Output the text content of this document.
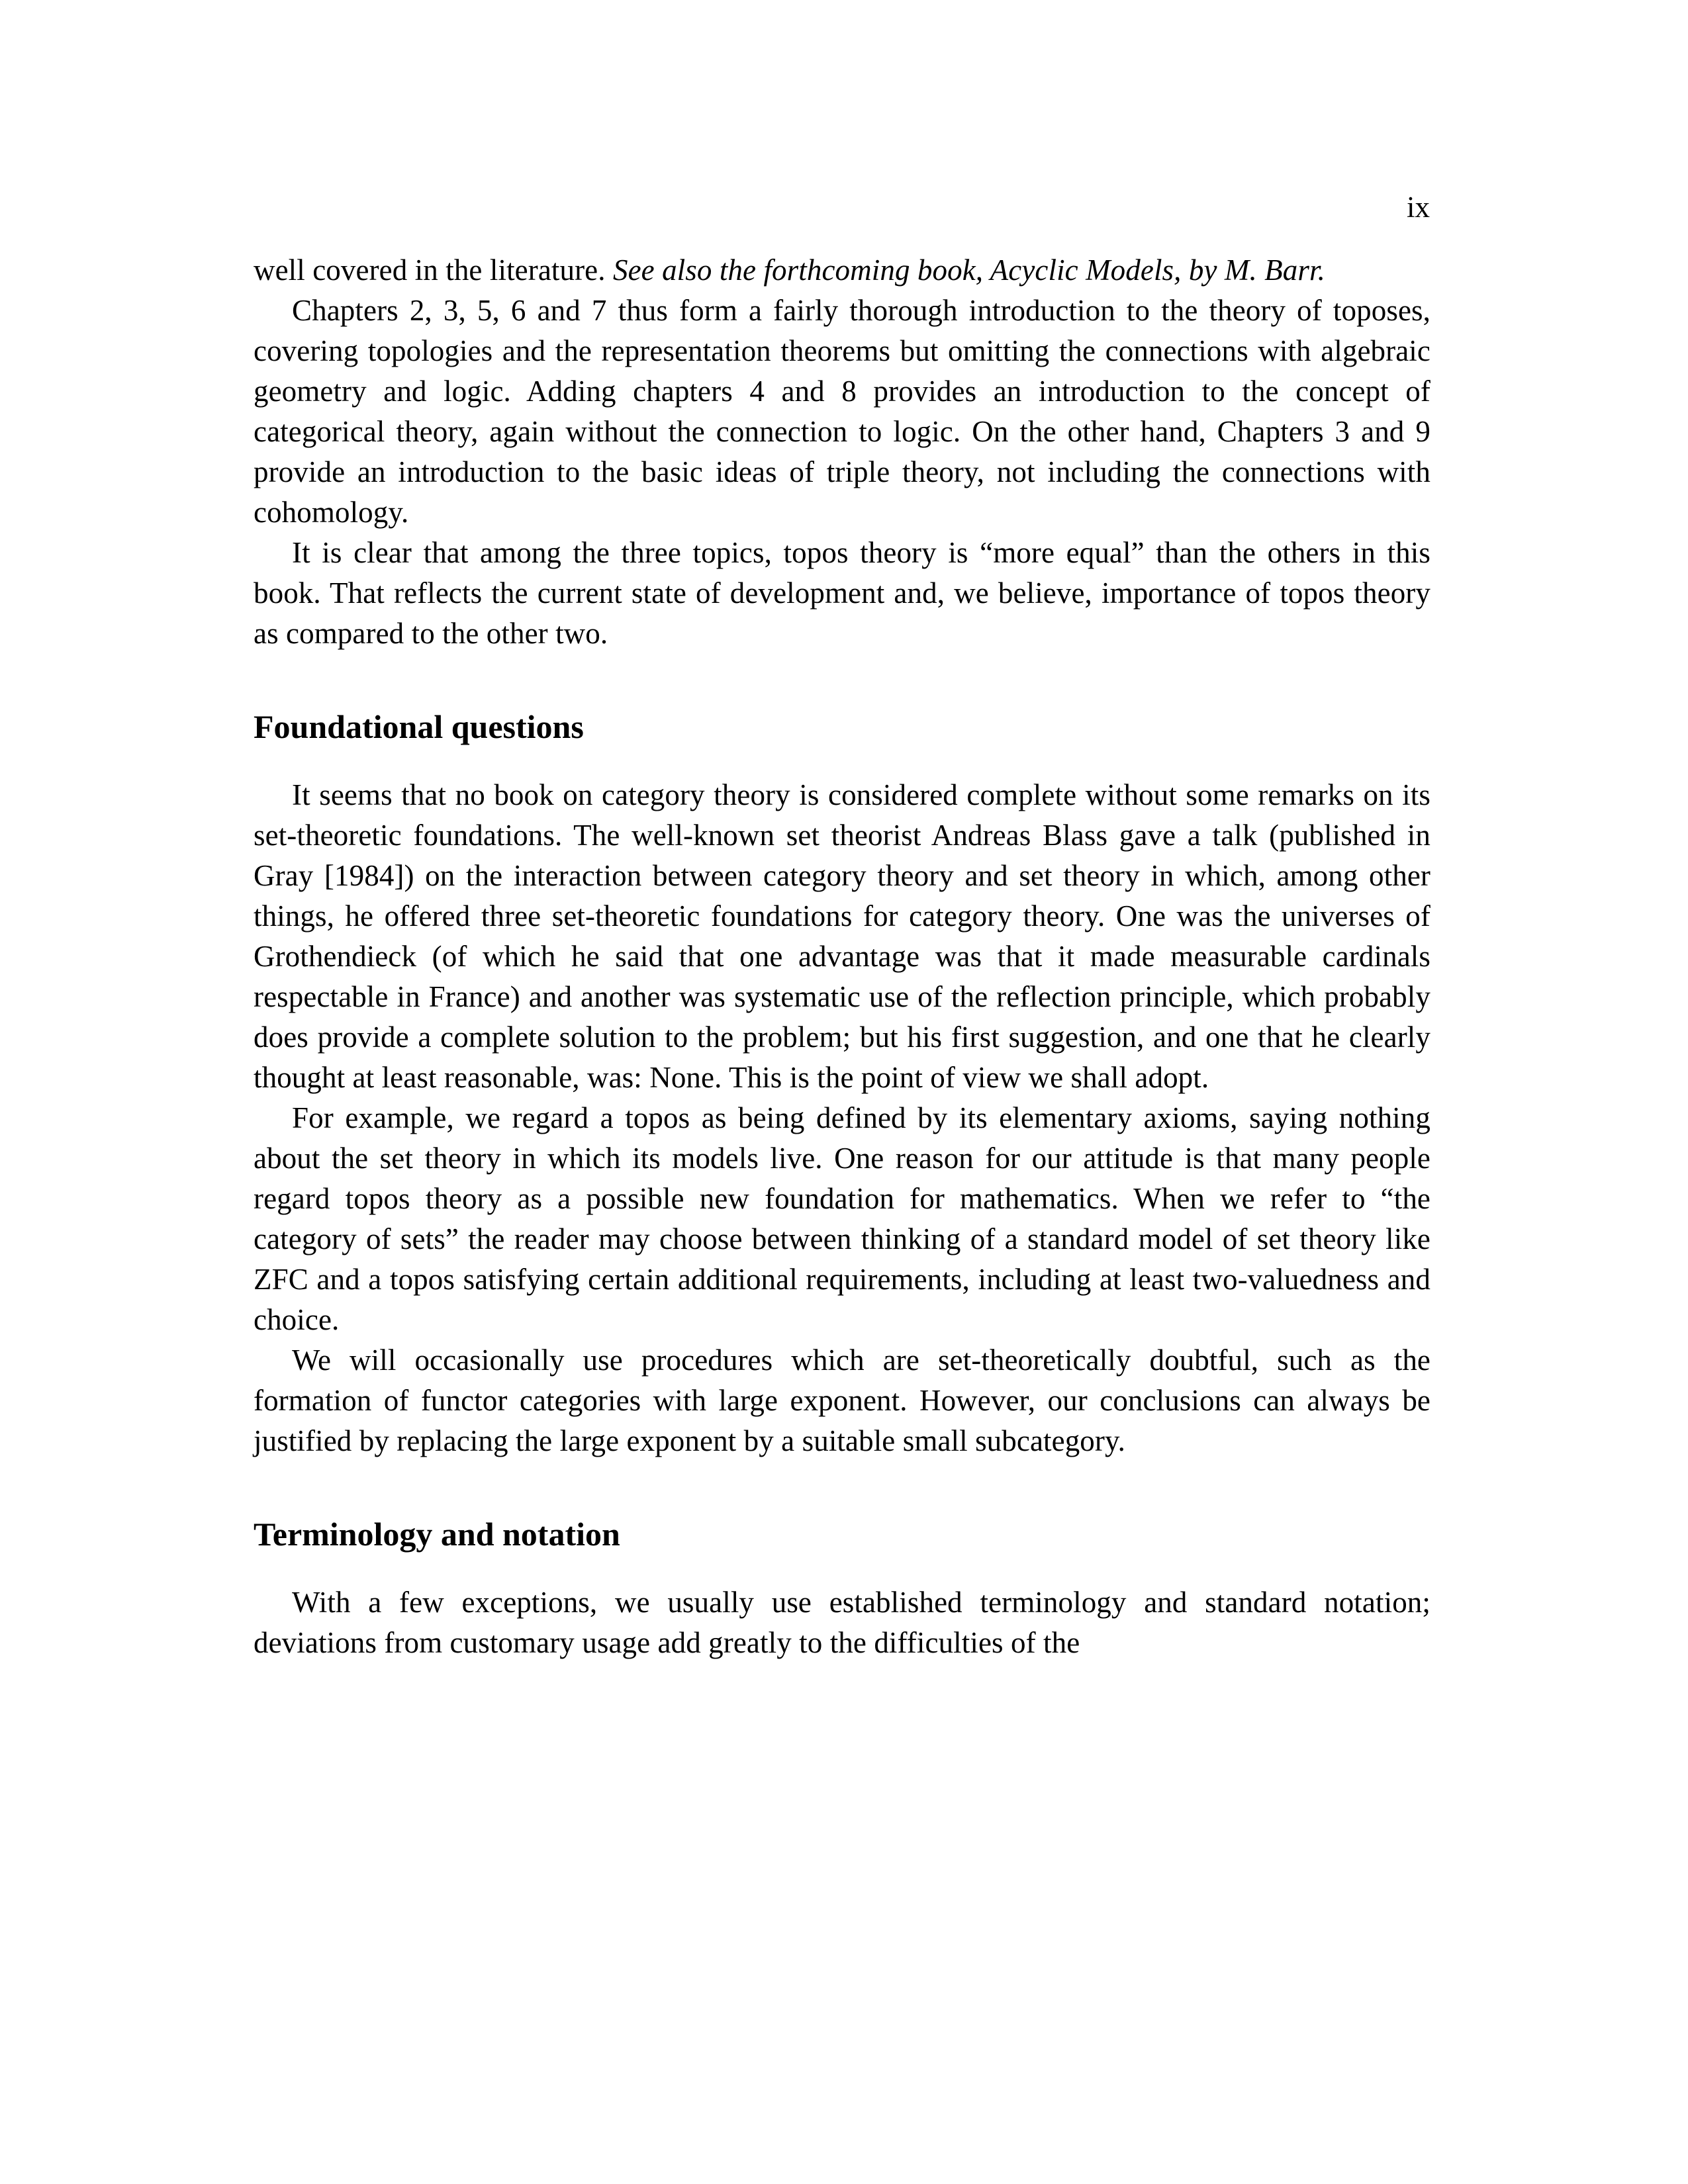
ix

well covered in the literature. See also the forthcoming book, Acyclic Models, by M. Barr.

Chapters 2, 3, 5, 6 and 7 thus form a fairly thorough introduction to the theory of toposes, covering topologies and the representation theorems but omitting the connections with algebraic geometry and logic. Adding chapters 4 and 8 provides an introduction to the concept of categorical theory, again without the connection to logic. On the other hand, Chapters 3 and 9 provide an introduction to the basic ideas of triple theory, not including the connections with cohomology.

It is clear that among the three topics, topos theory is “more equal” than the others in this book. That reflects the current state of development and, we believe, importance of topos theory as compared to the other two.

Foundational questions

It seems that no book on category theory is considered complete without some remarks on its set-theoretic foundations. The well-known set theorist Andreas Blass gave a talk (published in Gray [1984]) on the interaction between category theory and set theory in which, among other things, he offered three set-theoretic foundations for category theory. One was the universes of Grothendieck (of which he said that one advantage was that it made measurable cardinals respectable in France) and another was systematic use of the reflection principle, which probably does provide a complete solution to the problem; but his first suggestion, and one that he clearly thought at least reasonable, was: None. This is the point of view we shall adopt.

For example, we regard a topos as being defined by its elementary axioms, saying nothing about the set theory in which its models live. One reason for our attitude is that many people regard topos theory as a possible new foundation for mathematics. When we refer to “the category of sets” the reader may choose between thinking of a standard model of set theory like ZFC and a topos satisfying certain additional requirements, including at least two-valuedness and choice.

We will occasionally use procedures which are set-theoretically doubtful, such as the formation of functor categories with large exponent. However, our conclusions can always be justified by replacing the large exponent by a suitable small subcategory.

Terminology and notation

With a few exceptions, we usually use established terminology and standard notation; deviations from customary usage add greatly to the difficulties of the
